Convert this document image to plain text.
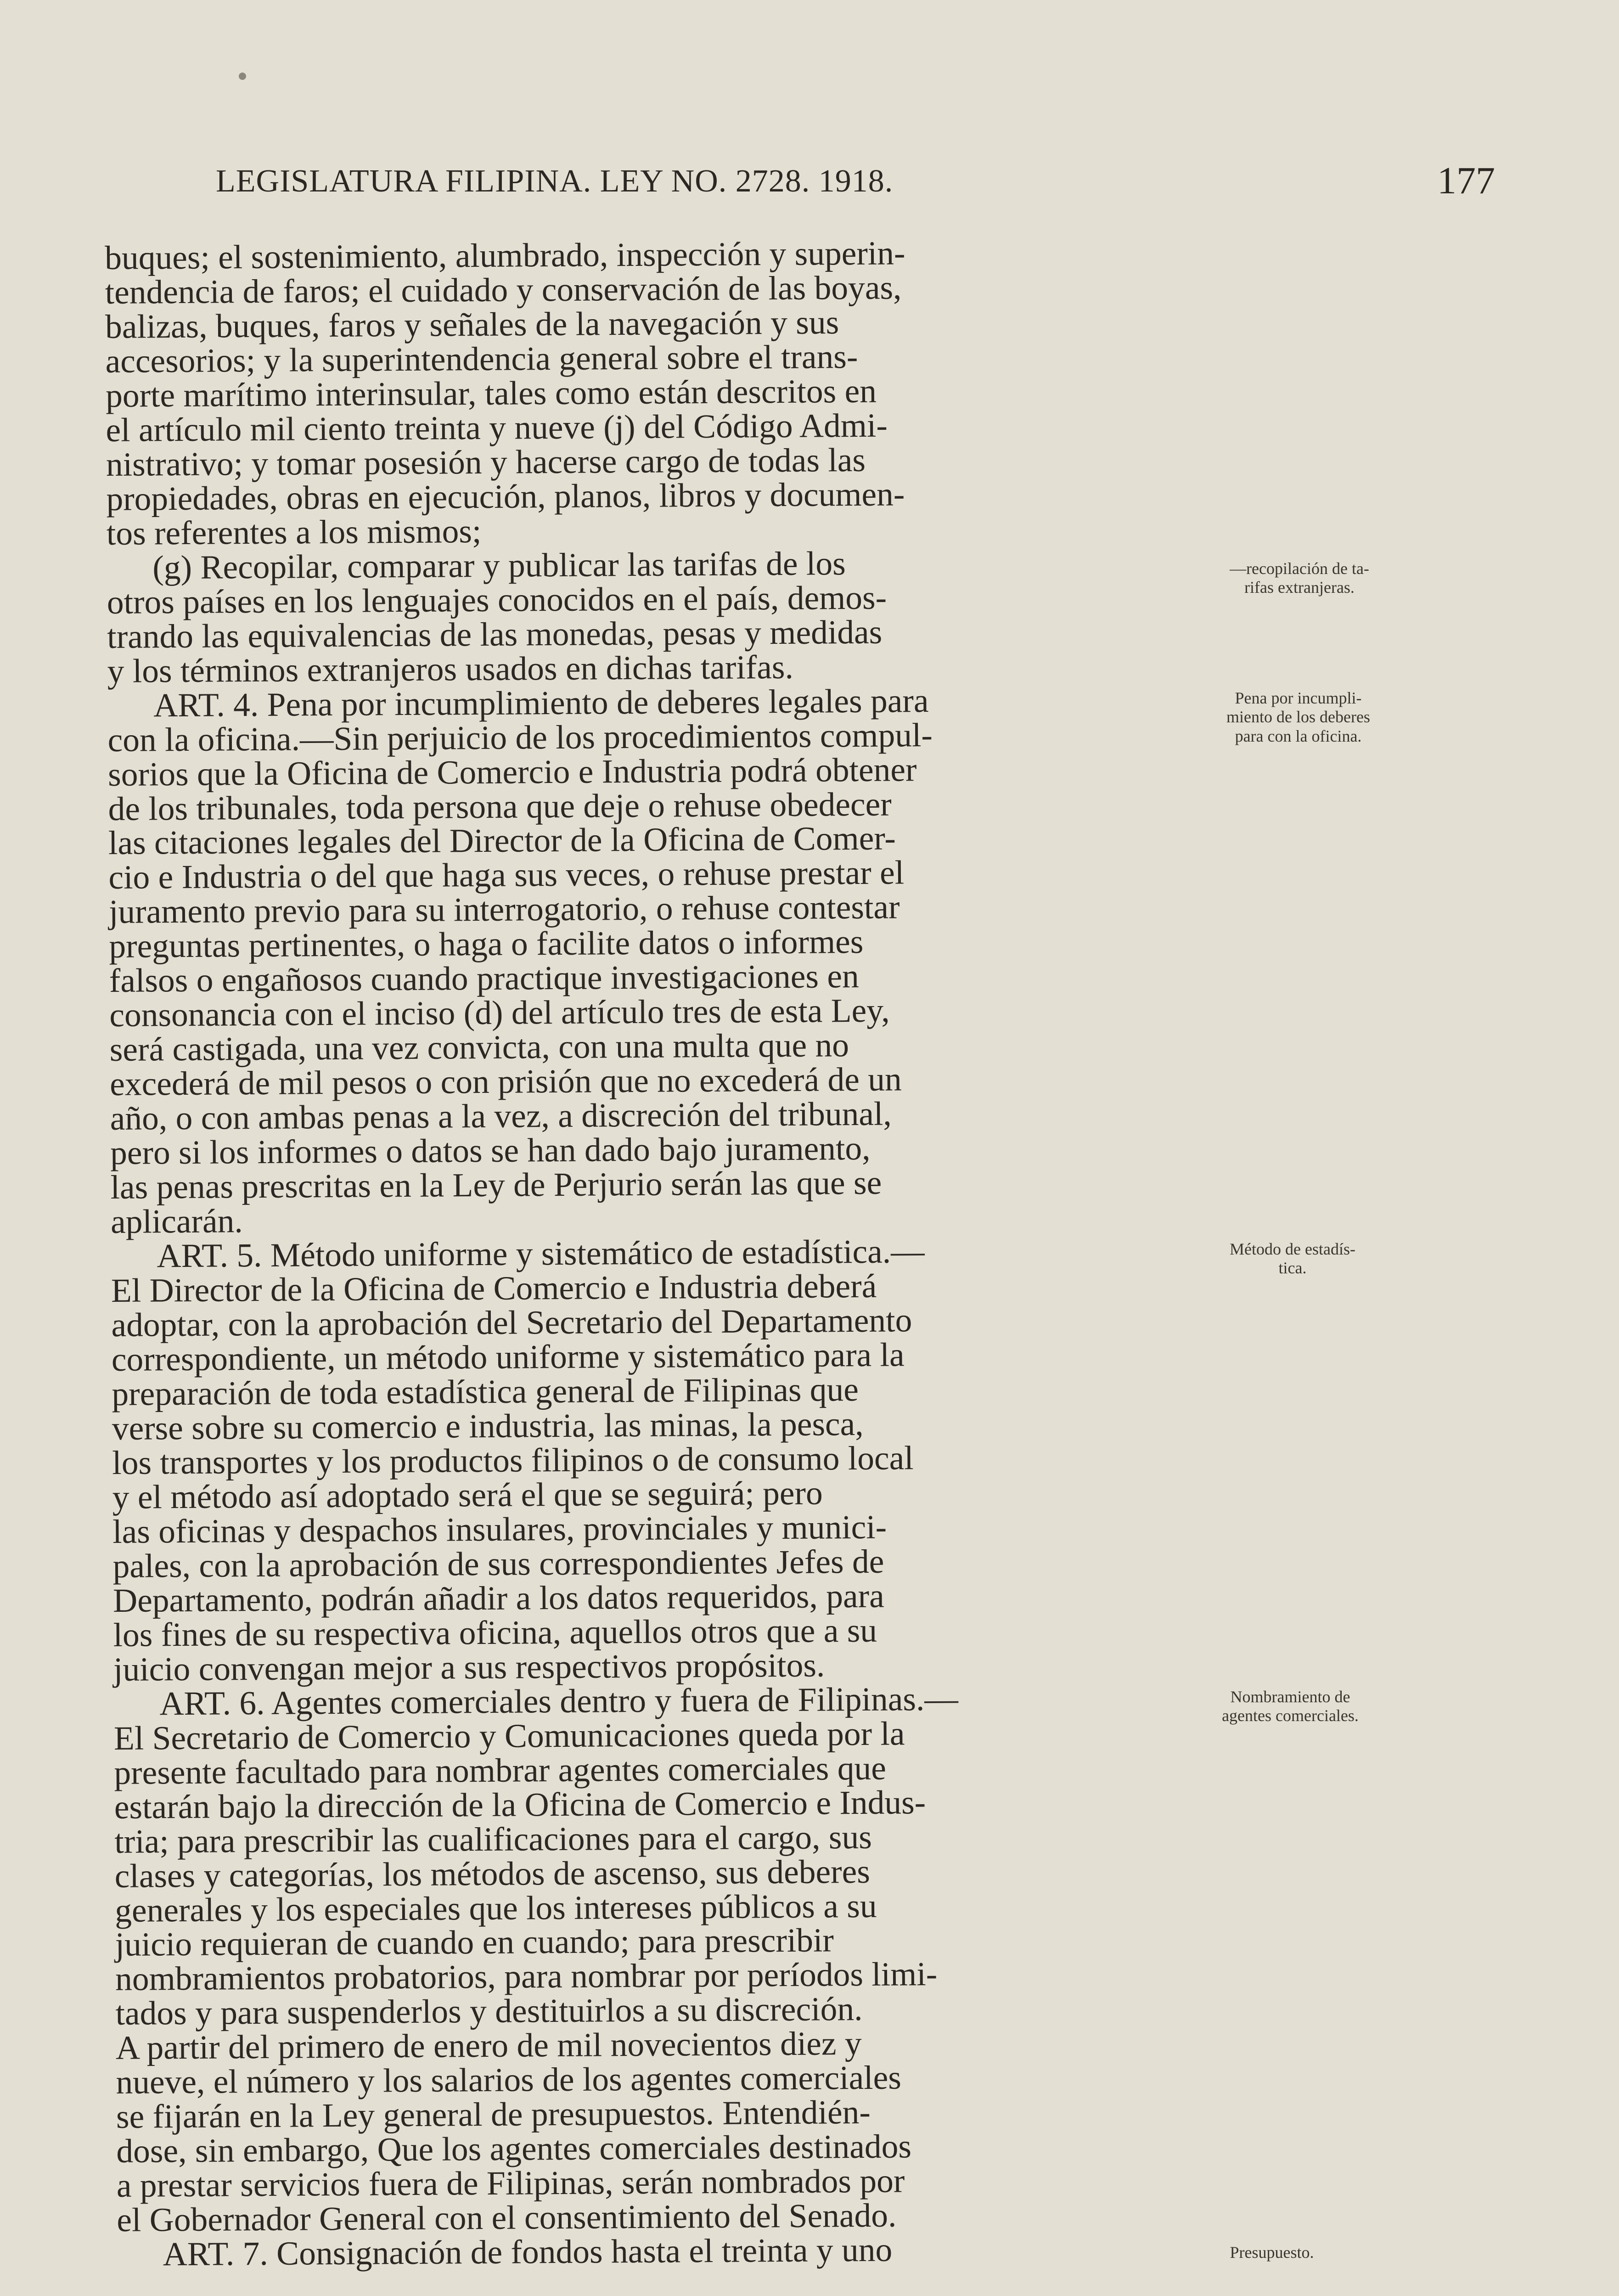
LEGISLATURA FILIPINA. LEY NO. 2728. 1918.	177
buques; el sostenimiento, alumbrado, inspección y superin-
tendencia de faros; el cuidado y conservación de las boyas,
balizas, buques, faros y señales de la navegación y sus
accesorios; y la superintendencia general sobre el trans-
porte marítimo interinsular, tales como están descritos en
el artículo mil ciento treinta y nueve (j) del Código Admi-
nistrativo; y tomar posesión y hacerse cargo de todas las
propiedades, obras en ejecución, planos, libros y documen-
tos referentes a los mismos;
(g) Recopilar, comparar y publicar las tarifas de los
otros países en los lenguajes conocidos en el país, demos-
trando las equivalencias de las monedas, pesas y medidas
y los términos extranjeros usados en dichas tarifas.
ART. 4. Pena por incumplimiento de deberes legales para
con la oficina.—Sin perjuicio de los procedimientos compul-
sorios que la Oficina de Comercio e Industria podrá obtener
de los tribunales, toda persona que deje o rehuse obedecer
las citaciones legales del Director de la Oficina de Comer-
cio e Industria o del que haga sus veces, o rehuse prestar el
juramento previo para su interrogatorio, o rehuse contestar
preguntas pertinentes, o haga o facilite datos o informes
falsos o engañosos cuando practique investigaciones en
consonancia con el inciso (d) del artículo tres de esta Ley,
será castigada, una vez convicta, con una multa que no
excederá de mil pesos o con prisión que no excederá de un
año, o con ambas penas a la vez, a discreción del tribunal,
pero si los informes o datos se han dado bajo juramento,
las penas prescritas en la Ley de Perjurio serán las que se
aplicarán.
ART. 5. Método uniforme y sistemático de estadística.—
El Director de la Oficina de Comercio e Industria deberá
adoptar, con la aprobación del Secretario del Departamento
correspondiente, un método uniforme y sistemático para la
preparación de toda estadística general de Filipinas que
verse sobre su comercio e industria, las minas, la pesca,
los transportes y los productos filipinos o de consumo local
y el método así adoptado será el que se seguirá; pero
las oficinas y despachos insulares, provinciales y munici-
pales, con la aprobación de sus correspondientes Jefes de
Departamento, podrán añadir a los datos requeridos, para
los fines de su respectiva oficina, aquellos otros que a su
juicio convengan mejor a sus respectivos propósitos.
ART. 6. Agentes comerciales dentro y fuera de Filipinas.—
El Secretario de Comercio y Comunicaciones queda por la
presente facultado para nombrar agentes comerciales que
estarán bajo la dirección de la Oficina de Comercio e Indus-
tria; para prescribir las cualificaciones para el cargo, sus
clases y categorías, los métodos de ascenso, sus deberes
generales y los especiales que los intereses públicos a su
juicio requieran de cuando en cuando; para prescribir
nombramientos probatorios, para nombrar por períodos limi-
tados y para suspenderlos y destituirlos a su discreción.
A partir del primero de enero de mil novecientos diez y
nueve, el número y los salarios de los agentes comerciales
se fijarán en la Ley general de presupuestos. Entendién-
dose, sin embargo, Que los agentes comerciales destinados
a prestar servicios fuera de Filipinas, serán nombrados por
el Gobernador General con el consentimiento del Senado.
ART. 7. Consignación de fondos hasta el treinta y uno
—recopilación de ta-
rifas extranjeras.
Pena por incumpli-
miento de los deberes
para con la oficina.
Método de estadís-
tica.
Nombramiento de
agentes comerciales.
Presupuesto.
